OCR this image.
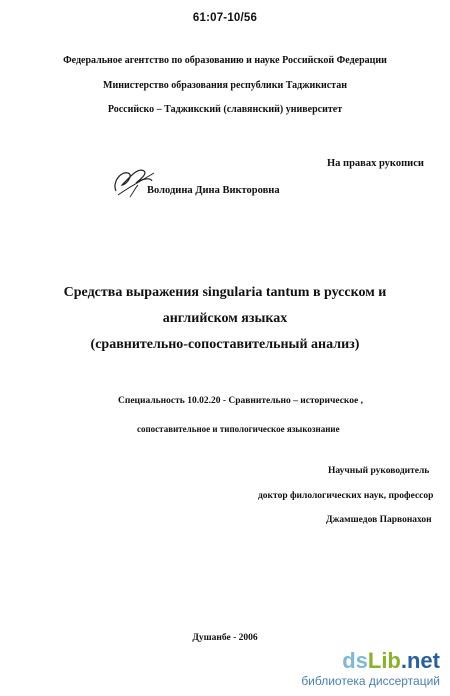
61:07-10/56
Федеральное агентство по образованию и науке Российской Федерации
Министерство образования республики Таджикистан
Российско – Таджикский (славянский) университет
На правах рукописи
Володина Дина Викторовна
Средства выражения singularia tantum в русском и
английском языках
(сравнительно-сопоставительный анализ)
Специальность 10.02.20 - Сравнительно – историческое ,
сопоставительное и типологическое языкознание
Научный руководитель
доктор филологических наук, профессор
Джамшедов Парвонахон
Душанбе - 2006
dsLib.net
библиотека диссертаций
